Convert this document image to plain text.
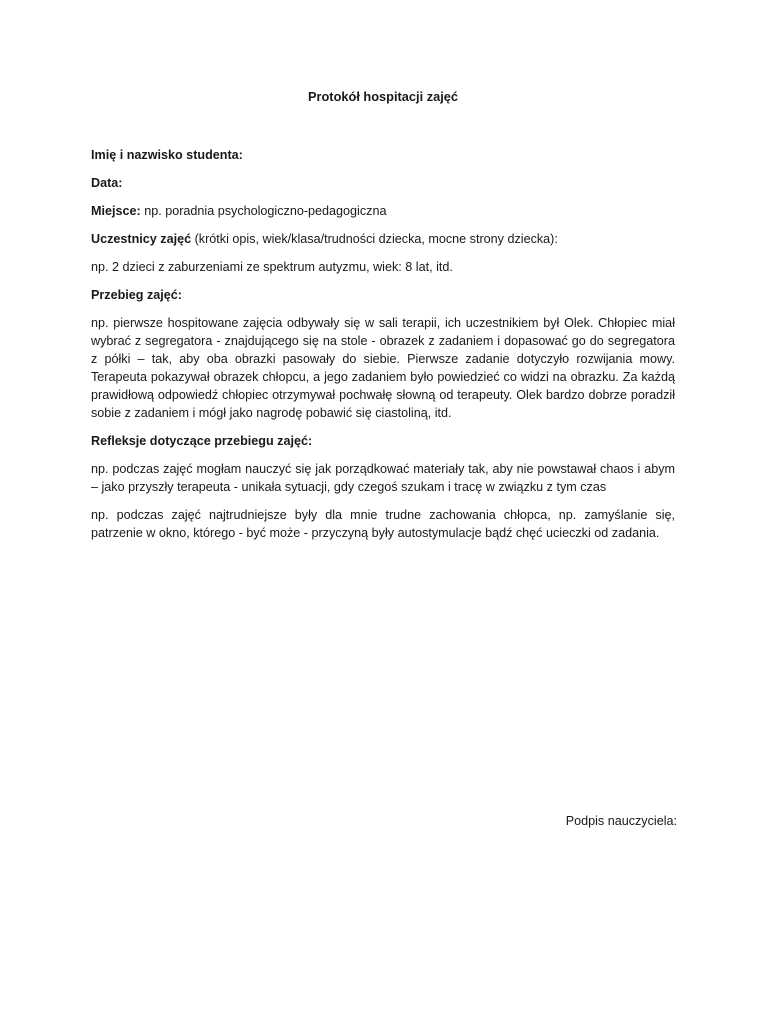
Protokół hospitacji zajęć
Imię i nazwisko studenta:
Data:
Miejsce: np. poradnia psychologiczno-pedagogiczna
Uczestnicy zajęć (krótki opis, wiek/klasa/trudności dziecka, mocne strony dziecka):
np. 2 dzieci z zaburzeniami ze spektrum autyzmu, wiek: 8 lat, itd.
Przebieg zajęć:
np. pierwsze hospitowane zajęcia odbywały się w sali terapii, ich uczestnikiem był Olek. Chłopiec miał wybrać z segregatora - znajdującego się na stole - obrazek z zadaniem i dopasować go do segregatora z półki – tak, aby oba obrazki pasowały do siebie. Pierwsze zadanie dotyczyło rozwijania mowy. Terapeuta pokazywał obrazek chłopcu, a jego zadaniem było powiedzieć co widzi na obrazku. Za każdą prawidłową odpowiedź chłopiec otrzymywał pochwałę słowną od terapeuty. Olek bardzo dobrze poradził sobie z zadaniem i mógł jako nagrodę pobawić się ciastoliną, itd.
Refleksje dotyczące przebiegu zajęć:
np. podczas zajęć mogłam nauczyć się jak porządkować materiały tak, aby nie powstawał chaos i abym – jako przyszły terapeuta - unikała sytuacji, gdy czegoś szukam i tracę w związku z tym czas
np. podczas zajęć najtrudniejsze były dla mnie trudne zachowania chłopca, np. zamyślanie się, patrzenie w okno, którego - być może - przyczyną były autostymulacje bądź chęć ucieczki od zadania.
Podpis nauczyciela:
